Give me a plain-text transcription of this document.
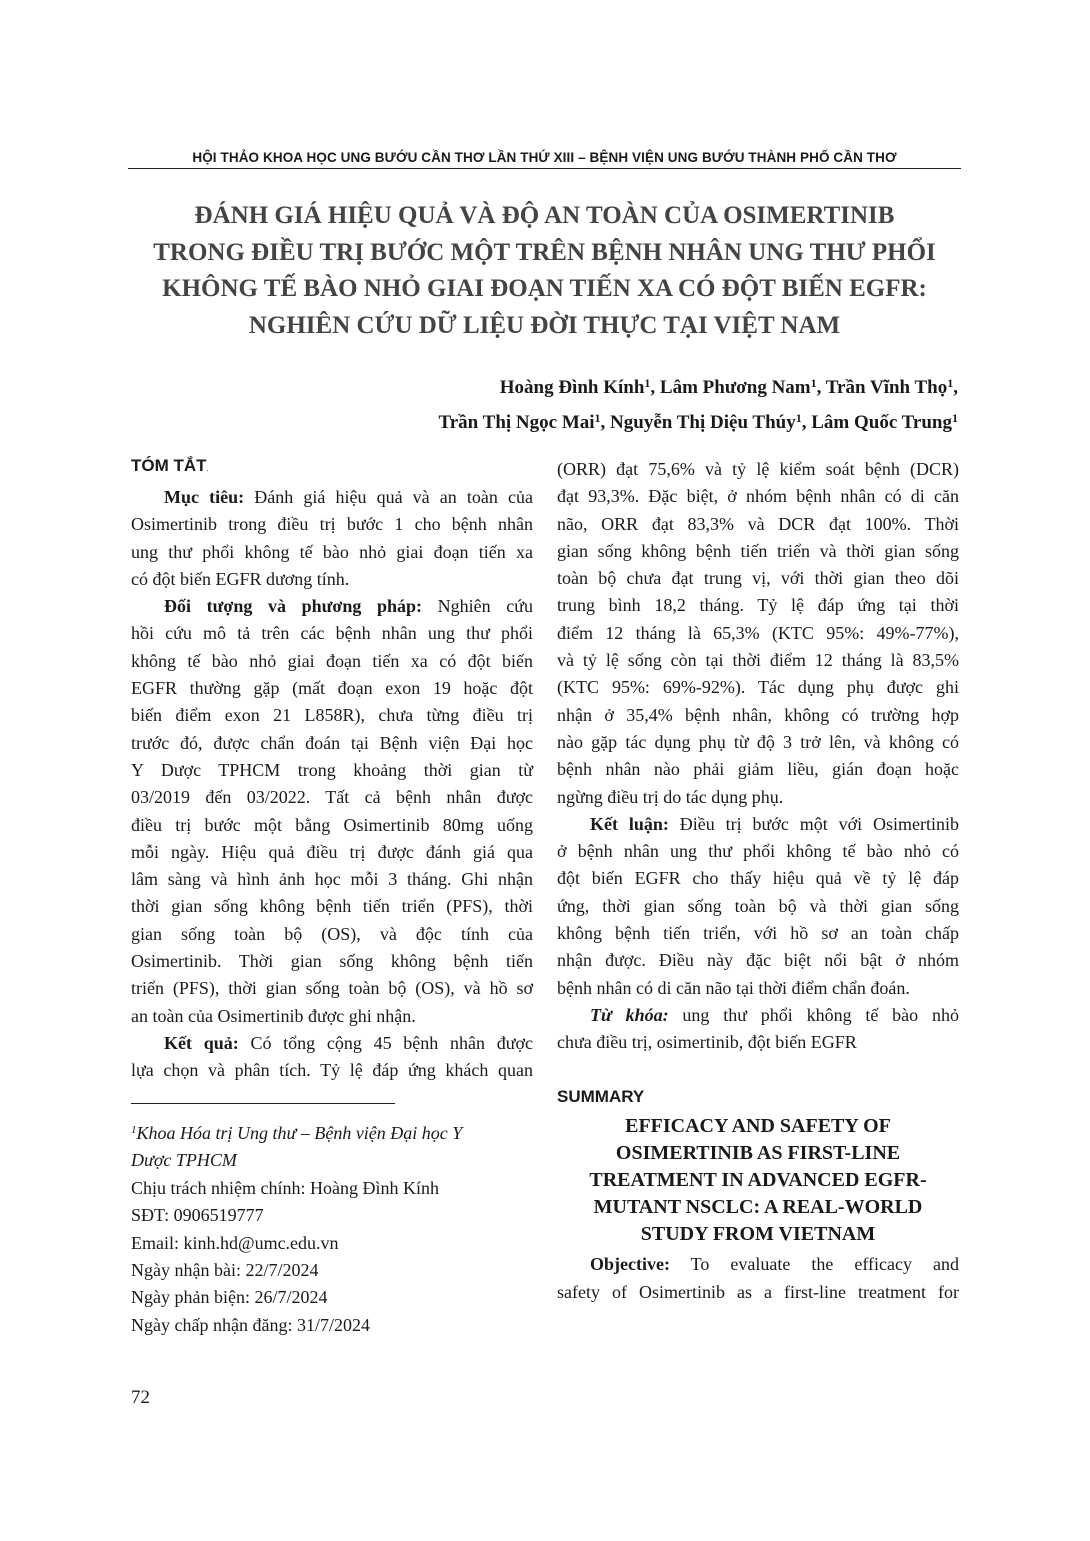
HỘI THẢO KHOA HỌC UNG BƯỚU CẦN THƠ LẦN THỨ XIII – BỆNH VIỆN UNG BƯỚU THÀNH PHỐ CẦN THƠ
ĐÁNH GIÁ HIỆU QUẢ VÀ ĐỘ AN TOÀN CỦA OSIMERTINIB
TRONG ĐIỀU TRỊ BƯỚC MỘT TRÊN BỆNH NHÂN UNG THƯ PHỔI
KHÔNG TẾ BÀO NHỎ GIAI ĐOẠN TIẾN XA CÓ ĐỘT BIẾN EGFR:
NGHIÊN CỨU DỮ LIỆU ĐỜI THỰC TẠI VIỆT NAM
Hoàng Đình Kính$^1$, Lâm Phương Nam$^1$, Trần Vĩnh Thọ$^1$,
Trần Thị Ngọc Mai$^1$, Nguyễn Thị Diệu Thúy$^1$, Lâm Quốc Trung$^1$
TÓM TẮT.
Mục tiêu: Đánh giá hiệu quả và an toàn của
Osimertinib trong điều trị bước 1 cho bệnh nhân
ung thư phổi không tế bào nhỏ giai đoạn tiến xa
có đột biến EGFR dương tính.
Đối tượng và phương pháp: Nghiên cứu
hồi cứu mô tả trên các bệnh nhân ung thư phổi
không tế bào nhỏ giai đoạn tiến xa có đột biến
EGFR thường gặp (mất đoạn exon 19 hoặc đột
biến điểm exon 21 L858R), chưa từng điều trị
trước đó, được chẩn đoán tại Bệnh viện Đại học
Y Dược TPHCM trong khoảng thời gian từ
03/2019 đến 03/2022. Tất cả bệnh nhân được
điều trị bước một bằng Osimertinib 80mg uống
mỗi ngày. Hiệu quả điều trị được đánh giá qua
lâm sàng và hình ảnh học mỗi 3 tháng. Ghi nhận
thời gian sống không bệnh tiến triển (PFS), thời
gian sống toàn bộ (OS), và độc tính của
Osimertinib. Thời gian sống không bệnh tiến
triển (PFS), thời gian sống toàn bộ (OS), và hồ sơ
an toàn của Osimertinib được ghi nhận.
Kết quả: Có tổng cộng 45 bệnh nhân được
lựa chọn và phân tích. Tỷ lệ đáp ứng khách quan
$^1$Khoa Hóa trị Ung thư – Bệnh viện Đại học Y
Dược TPHCM
Chịu trách nhiệm chính: Hoàng Đình Kính
SĐT: 0906519777
Email: kinh.hd@umc.edu.vn
Ngày nhận bài: 22/7/2024
Ngày phản biện: 26/7/2024
Ngày chấp nhận đăng: 31/7/2024
(ORR) đạt 75,6% và tỷ lệ kiểm soát bệnh (DCR)
đạt 93,3%. Đặc biệt, ở nhóm bệnh nhân có di căn
não, ORR đạt 83,3% và DCR đạt 100%. Thời
gian sống không bệnh tiến triển và thời gian sống
toàn bộ chưa đạt trung vị, với thời gian theo dõi
trung bình 18,2 tháng. Tỷ lệ đáp ứng tại thời
điểm 12 tháng là 65,3% (KTC 95%: 49%-77%),
và tỷ lệ sống còn tại thời điểm 12 tháng là 83,5%
(KTC 95%: 69%-92%). Tác dụng phụ được ghi
nhận ở 35,4% bệnh nhân, không có trường hợp
nào gặp tác dụng phụ từ độ 3 trở lên, và không có
bệnh nhân nào phải giảm liều, gián đoạn hoặc
ngừng điều trị do tác dụng phụ.
Kết luận: Điều trị bước một với Osimertinib
ở bệnh nhân ung thư phổi không tế bào nhỏ có
đột biến EGFR cho thấy hiệu quả về tỷ lệ đáp
ứng, thời gian sống toàn bộ và thời gian sống
không bệnh tiến triển, với hồ sơ an toàn chấp
nhận được. Điều này đặc biệt nổi bật ở nhóm
bệnh nhân có di căn não tại thời điểm chẩn đoán.
Từ khóa: ung thư phổi không tế bào nhỏ
chưa điều trị, osimertinib, đột biến EGFR
SUMMARY
EFFICACY AND SAFETY OF
OSIMERTINIB AS FIRST-LINE
TREATMENT IN ADVANCED EGFR-
MUTANT NSCLC: A REAL-WORLD
STUDY FROM VIETNAM
Objective: To evaluate the efficacy and
safety of Osimertinib as a first-line treatment for
72
